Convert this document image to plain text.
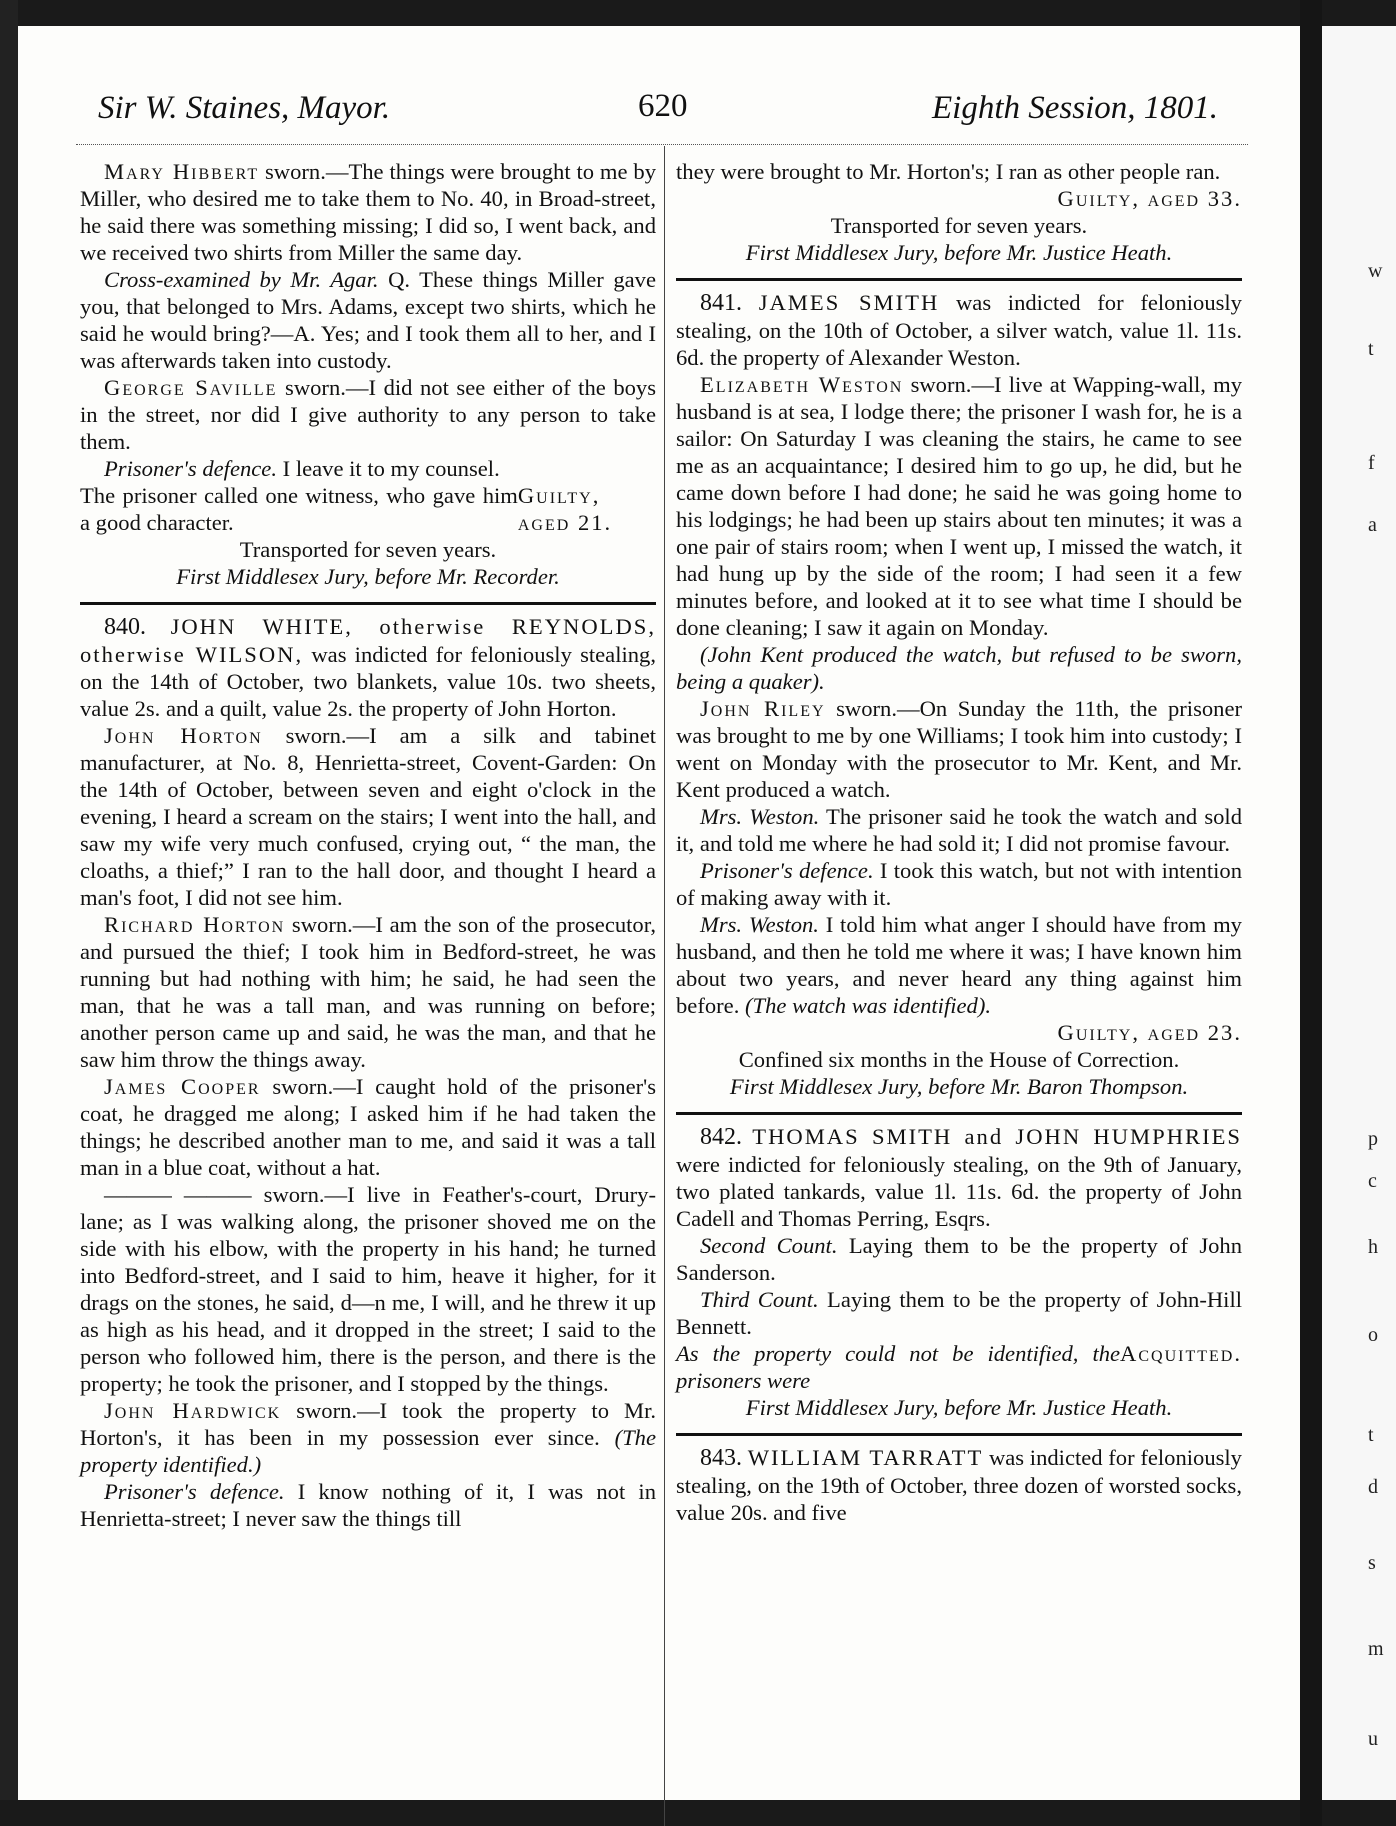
w
t
f
a
p
c
h
o
t
d
s
m
u
Sir W. Staines, Mayor.	620	Eighth Session, 1801.

Mary Hibbert sworn.—The things were brought to me by Miller, who desired me to take them to No. 40, in Broad-street, he said there was something missing; I did so, I went back, and we received two shirts from Miller the same day.

Cross-examined by Mr. Agar. Q. These things Miller gave you, that belonged to Mrs. Adams, except two shirts, which he said he would bring?—A. Yes; and I took them all to her, and I was afterwards taken into custody.

George Saville sworn.—I did not see either of the boys in the street, nor did I give authority to any person to take them.

Prisoner's defence. I leave it to my counsel.

The prisoner called one witness, who gave him a good character.
Guilty, aged 21.

Transported for seven years.

First Middlesex Jury, before Mr. Recorder.

840. JOHN WHITE, otherwise REYNOLDS, otherwise WILSON, was indicted for feloniously stealing, on the 14th of October, two blankets, value 10s. two sheets, value 2s. and a quilt, value 2s. the property of John Horton.

John Horton sworn.—I am a silk and tabinet manufacturer, at No. 8, Henrietta-street, Covent-Garden: On the 14th of October, between seven and eight o'clock in the evening, I heard a scream on the stairs; I went into the hall, and saw my wife very much confused, crying out, “ the man, the cloaths, a thief;” I ran to the hall door, and thought I heard a man's foot, I did not see him.

Richard Horton sworn.—I am the son of the prosecutor, and pursued the thief; I took him in Bedford-street, he was running but had nothing with him; he said, he had seen the man, that he was a tall man, and was running on before; another person came up and said, he was the man, and that he saw him throw the things away.

James Cooper sworn.—I caught hold of the prisoner's coat, he dragged me along; I asked him if he had taken the things; he described another man to me, and said it was a tall man in a blue coat, without a hat.

——— ——— sworn.—I live in Feather's-court, Drury-lane; as I was walking along, the prisoner shoved me on the side with his elbow, with the property in his hand; he turned into Bedford-street, and I said to him, heave it higher, for it drags on the stones, he said, d—n me, I will, and he threw it up as high as his head, and it dropped in the street; I said to the person who followed him, there is the person, and there is the property; he took the prisoner, and I stopped by the things.

John Hardwick sworn.—I took the property to Mr. Horton's, it has been in my possession ever since. (The property identified.)

Prisoner's defence. I know nothing of it, I was not in Henrietta-street; I never saw the things till

they were brought to Mr. Horton's; I ran as other people ran.

Guilty, aged 33.

Transported for seven years.

First Middlesex Jury, before Mr. Justice Heath.

841. JAMES SMITH was indicted for feloniously stealing, on the 10th of October, a silver watch, value 1l. 11s. 6d. the property of Alexander Weston.

Elizabeth Weston sworn.—I live at Wapping-wall, my husband is at sea, I lodge there; the prisoner I wash for, he is a sailor: On Saturday I was cleaning the stairs, he came to see me as an acquaintance; I desired him to go up, he did, but he came down before I had done; he said he was going home to his lodgings; he had been up stairs about ten minutes; it was a one pair of stairs room; when I went up, I missed the watch, it had hung up by the side of the room; I had seen it a few minutes before, and looked at it to see what time I should be done cleaning; I saw it again on Monday.

(John Kent produced the watch, but refused to be sworn, being a quaker).

John Riley sworn.—On Sunday the 11th, the prisoner was brought to me by one Williams; I took him into custody; I went on Monday with the prosecutor to Mr. Kent, and Mr. Kent produced a watch.

Mrs. Weston. The prisoner said he took the watch and sold it, and told me where he had sold it; I did not promise favour.

Prisoner's defence. I took this watch, but not with intention of making away with it.

Mrs. Weston. I told him what anger I should have from my husband, and then he told me where it was; I have known him about two years, and never heard any thing against him before. (The watch was identified).

Guilty, aged 23.

Confined six months in the House of Correction.

First Middlesex Jury, before Mr. Baron Thompson.

842. THOMAS SMITH and JOHN HUMPHRIES were indicted for feloniously stealing, on the 9th of January, two plated tankards, value 1l. 11s. 6d. the property of John Cadell and Thomas Perring, Esqrs.

Second Count. Laying them to be the property of John Sanderson.

Third Count. Laying them to be the property of John-Hill Bennett.

As the property could not be identified, the prisoners were
Acquitted.

First Middlesex Jury, before Mr. Justice Heath.

843. WILLIAM TARRATT was indicted for feloniously stealing, on the 19th of October, three dozen of worsted socks, value 20s. and five
